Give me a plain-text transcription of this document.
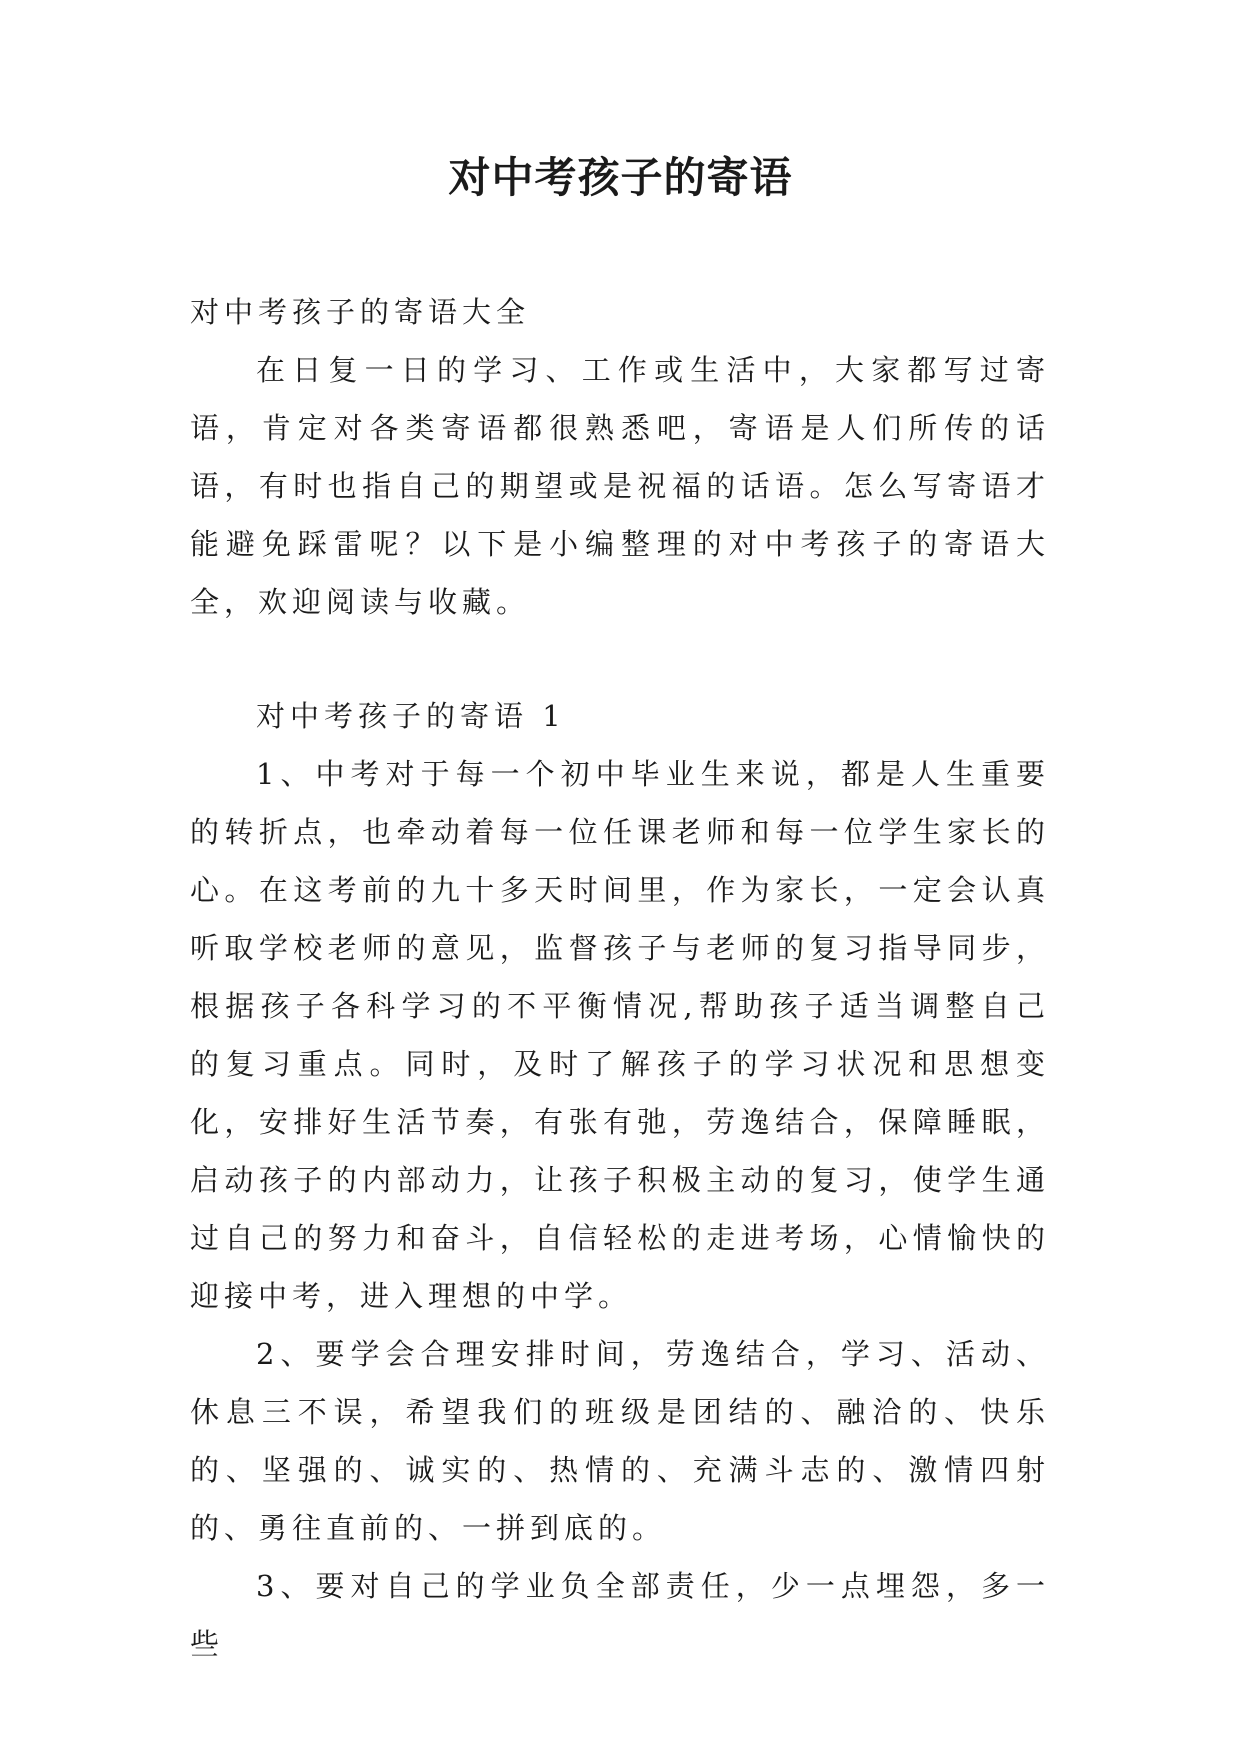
对中考孩子的寄语

对中考孩子的寄语大全

在日复一日的学习、工作或生活中，大家都写过寄语，肯定对各类寄语都很熟悉吧，寄语是人们所传的话语，有时也指自己的期望或是祝福的话语。怎么写寄语才能避免踩雷呢？以下是小编整理的对中考孩子的寄语大全，欢迎阅读与收藏。

对中考孩子的寄语 1

1、中考对于每一个初中毕业生来说，都是人生重要的转折点，也牵动着每一位任课老师和每一位学生家长的心。在这考前的九十多天时间里，作为家长，一定会认真听取学校老师的意见，监督孩子与老师的复习指导同步，根据孩子各科学习的不平衡情况,帮助孩子适当调整自己的复习重点。同时，及时了解孩子的学习状况和思想变化，安排好生活节奏，有张有弛，劳逸结合，保障睡眠，启动孩子的内部动力，让孩子积极主动的复习，使学生通过自己的努力和奋斗，自信轻松的走进考场，心情愉快的迎接中考，进入理想的中学。

2、要学会合理安排时间，劳逸结合，学习、活动、休息三不误，希望我们的班级是团结的、融洽的、快乐的、坚强的、诚实的、热情的、充满斗志的、激情四射的、勇往直前的、一拼到底的。

3、要对自己的学业负全部责任，少一点埋怨，多一些
